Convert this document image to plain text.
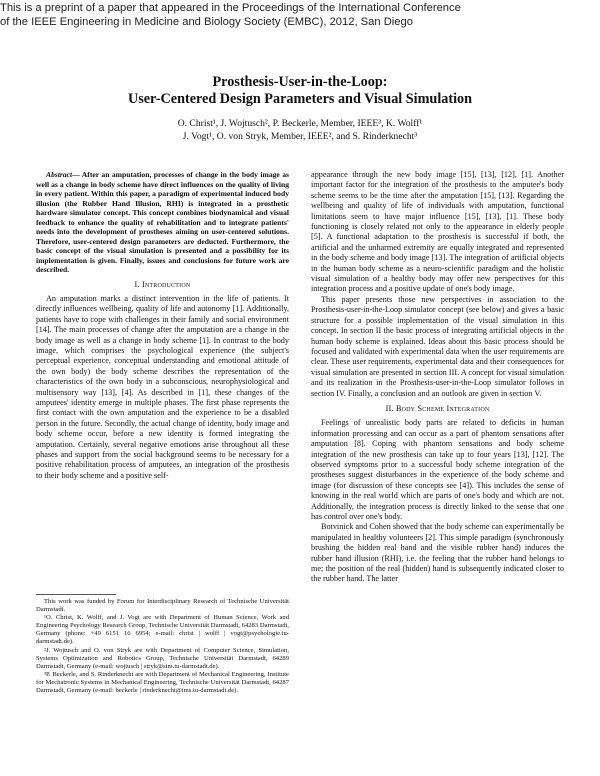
This is a preprint of a paper that appeared in the Proceedings of the International Conference
of the IEEE Engineering in Medicine and Biology Society (EMBC), 2012, San Diego
Prosthesis-User-in-the-Loop:
User-Centered Design Parameters and Visual Simulation
O. Christ¹, J. Wojtusch², P. Beckerle, Member, IEEE³, K. Wolff¹
J. Vogt¹, O. von Stryk, Member, IEEE², and S. Rinderknecht³

Abstract— After an amputation, processes of change in the body image as well as a change in body scheme have direct influences on the quality of living in every patient. Within this paper, a paradigm of experimental induced body illusion (the Rubber Hand Illusion, RHI) is integrated in a prosthetic hardware simulator concept. This concept combines biodynamical and visual feedback to enhance the quality of rehabilitation and to integrate patients' needs into the development of prostheses aiming on user-centered solutions. Therefore, user-centered design parameters are deducted. Furthermore, the basic concept of the visual simulation is presented and a possibility for its implementation is given. Finally, issues and conclusions for future work are described.

I. Introduction

An amputation marks a distinct intervention in the life of patients. It directly influences wellbeing, quality of life and autonomy [1]. Additionally, patients have to cope with challenges in their family and social environment [14]. The main processes of change after the amputation are a change in the body image as well as a change in body scheme [1]. In contrast to the body image, which comprises the psychological experience (the subject's perceptual experience, conceptual understanding and emotional attitude of the own body) the body scheme describes the representation of the characteristics of the own body in a subconscious, neurophysiological and multisensory way [13], [4]. As described in [1], these changes of the amputees' identity emerge in multiple phases. The first phase represents the first contact with the own amputation and the experience to be a disabled person in the future. Secondly, the actual change of identity, body image and body scheme occur, before a new identity is formed integrating the amputation. Certainly, several negative emotions arise throughout all these phases and support from the social background seems to be necessary for a positive rehabilitation process of amputees, an integration of the prosthesis to their body scheme and a positive self-

This work was funded by Forum for Interdisciplinary Research of Technische Universität Darmstadt.

¹O. Christ, K. Wolff, and J. Vogt are with Department of Human Science, Work and Engineering Psychology Research Group, Technische Universität Darmstadt, 64283 Darmstadt, Germany (phone: +49 6151 16 6954; e-mail: christ | wolff | vogt@psychologie.tu-darmstadt.de).

²J. Wojtusch and O. von Stryk are with Department of Computer Science, Simulation, Systems Optimization and Robotics Group, Technische Universität Darmstadt, 64289 Darmstadt, Germany (e-mail: wojtusch | stryk@sim.tu-darmstadt.de).

³P. Beckerle, and S. Rinderknecht are with Department of Mechanical Engineering, Institute for Mechatronic Systems in Mechanical Engineering, Technische Universität Darmstadt, 64287 Darmstadt, Germany (e-mail: beckerle | rinderknecht@ims.tu-darmstadt.de).

appearance through the new body image [15], [13], [12], [1]. Another important factor for the integration of the prosthesis to the amputee's body scheme seems to be the time after the amputation [15], [13]. Regarding the wellbeing and quality of life of individuals with amputation, functional limitations seem to have major influence [15], [13], [1]. These body functioning is closely related not only to the appearance in elderly people [5]. A functional adaptation to the prosthesis is successful if both, the artificial and the unharmed extremity are equally integrated and represented in the body scheme and body image [13]. The integration of artificial objects in the human body scheme as a neuro-scientific paradigm and the holistic visual simulation of a healthy body may offer new perspectives for this integration process and a positive update of one's body image.

This paper presents those new perspectives in association to the Prosthesis-user-in-the-Loop simulator concept (see below) and gives a basic structure for a possible implementation of the visual simulation in this concept. In section II the basic process of integrating artificial objects in the human body scheme is explained. Ideas about this basic process should be focused and validated with experimental data when the user requirements are clear. These user requirements, experimental data and their consequences for visual simulation are presented in section III. A concept for visual simulation and its realization in the Prosthesis-user-in-the-Loop simulator follows in section IV. Finally, a conclusion and an outlook are given in section V.

II. Body Scheme Integration

Feelings of unrealistic body parts are related to deficits in human information processing and can occur as a part of phantom sensations after amputation [8]. Coping with phantom sensations and body scheme integration of the new prosthesis can take up to four years [13], [12]. The observed symptoms prior to a successful body scheme integration of the prostheses suggest disturbances in the experience of the body scheme and image (for discussion of these concepts see [4]). This includes the sense of knowing in the real world which are parts of one's body and which are not. Additionally, the integration process is directly linked to the sense that one has control over one's body.

Botvinick and Cohen showed that the body scheme can experimentally be manipulated in healthy volunteers [2]. This simple paradigm (synchronously brushing the hidden real hand and the visible rubber hand) induces the rubber hand illusion (RHI), i.e. the feeling that the rubber hand belongs to me; the position of the real (hidden) hand is subsequently indicated closer to the rubber hand. The latter
